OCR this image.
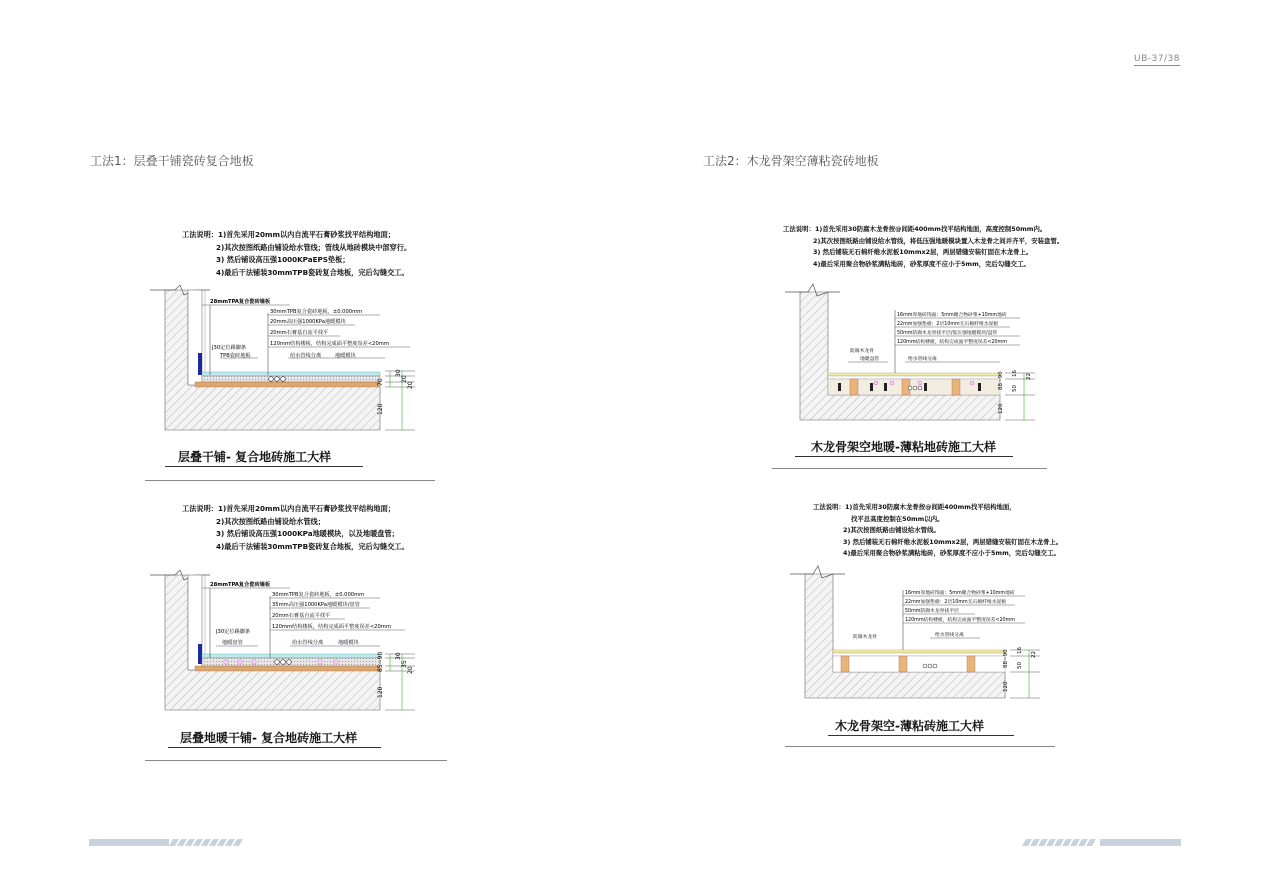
UB-37/38
工法1：层叠干铺瓷砖复合地板	工法2：木龙骨架空薄粘瓷砖地板
工法说明：1)首先采用20mm以内自流平石膏砂浆找平结构地面；
2)其次按图纸路由铺设给水管线；管线从地砖模块中部穿行。
3) 然后铺设高压强1000KPaEPS垫板；
4)最后干法铺装30mmTPB瓷砖复合地板，完后勾缝交工。
28mmTPA复合瓷砖墙板
30mmTPB复合瓷砖地板，±0.000mm
20mm高压强1000KPa地暖模块
20mm石膏基自流平找平
120mm结构楼板，结构完成面平整度误差<20mm
J30定位踢脚条
TPB瓷砖地板	给水管线分离	地暖模块
30
20
20
70
120
层叠干铺- 复合地砖施工大样
工法说明：1)首先采用20mm以内自流平石膏砂浆找平结构地面；
2)其次按图纸路由铺设给水管线；
3) 然后铺设高压强1000KPa地暖模块，以及地暖盘管；
4)最后干法铺装30mmTPB瓷砖复合地板，完后勾缝交工。
28mmTPA复合瓷砖墙板
30mmTPB复合瓷砖地板，±0.000mm
35mm高压强1000KPa地暖模块/盘管
20mm石膏基自流平找平
120mm结构楼板，结构完成面平整度误差<20mm
J30定位踢脚条
地暖盘管	给水管线分离	地暖模块
30
35
20
85~90
120
层叠地暖干铺- 复合地砖施工大样
工法说明：1)首先采用30防腐木龙骨按@间距400mm找平结构地面，高度控制50mm内。
2)其次按图纸路由铺设给水管线，将低压强地暖模块置入木龙骨之间并齐平，安装盘管。
3) 然后铺装无石棉纤维水泥板10mmx2层，两层错缝安装钉固在木龙骨上。
4)最后采用聚合物砂浆满粘地砖，砂浆厚度不应小于5mm，完后勾缝交工。
16mm厚地砖饰面：5mm聚合物砂浆+10mm地砖
22mm加强垫板：2层10mm无石棉纤维水泥板
50mm防腐木龙骨找平层/低压强地暖模块/盘管
120mm结构楼板，结构完成面平整度误差<20mm
防腐木龙骨
地暖盘管	给水管线分离
16 22
50
88~90
120
木龙骨架空地暖-薄粘地砖施工大样
工法说明：1)首先采用30防腐木龙骨按@间距400mm找平结构地面，
找平总高度控制在50mm以内。
2)其次按图纸路由铺设给水管线。
3) 然后铺装无石棉纤维水泥板10mmx2层，两层错缝安装钉固在木龙骨上。
4)最后采用聚合物砂浆满粘地砖，砂浆厚度不应小于5mm，完后勾缝交工。
16mm厚地砖饰面：5mm聚合物砂浆+10mm地砖
22mm加强垫板：2层10mm无石棉纤维水泥板
50mm防腐木龙骨找平层
120mm结构楼板，结构完成面平整度误差<20mm
防腐木龙骨	给水管线分离
16
22
50
88~90
120
木龙骨架空-薄粘砖施工大样
